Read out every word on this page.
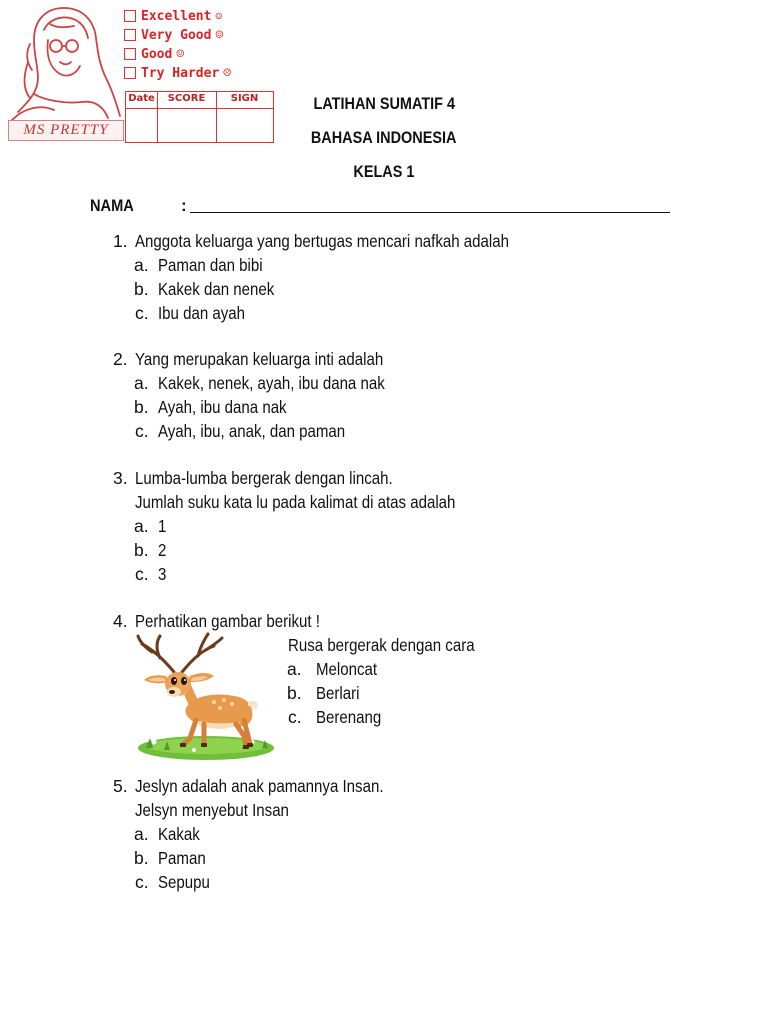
Excellent ☺
Very Good ☺
Good ☺
Try Harder ☹
Date	SCORE	SIGN
MS PRETTY
LATIHAN SUMATIF 4
BAHASA INDONESIA
KELAS 1
NAMA	:
1. Anggota keluarga yang bertugas mencari nafkah adalah
a. Paman dan bibi
b. Kakek dan nenek
c. Ibu dan ayah
2. Yang merupakan keluarga inti adalah
a. Kakek, nenek, ayah, ibu dana nak
b. Ayah, ibu dana nak
c. Ayah, ibu, anak, dan paman
3. Lumba-lumba bergerak dengan lincah.
Jumlah suku kata lu pada kalimat di atas adalah
a. 1
b. 2
c. 3
4. Perhatikan gambar berikut !
Rusa bergerak dengan cara
a. Meloncat
b. Berlari
c. Berenang
5. Jeslyn adalah anak pamannya Insan.
Jelsyn menyebut Insan
a. Kakak
b. Paman
c. Sepupu
